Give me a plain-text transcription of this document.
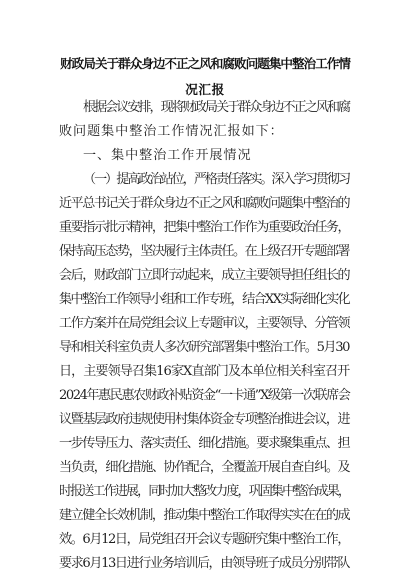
财政局关于群众身边不正之风和腐败问题集中整治工作情
况汇报
根据会议安排，现将财政局关于群众身边不正之风和腐
败问题集中整治工作情况汇报如下：
一、集中整治工作开展情况
（一）提高政治站位，严格责任落实。深入学习贯彻习
近平总书记关于群众身边不正之风和腐败问题集中整治的
重要指示批示精神，把集中整治工作作为重要政治任务，
保持高压态势，坚决履行主体责任。在上级召开专题部署
会后，财政部门立即行动起来，成立主要领导担任组长的
集中整治工作领导小组和工作专班，结合XX实际细化实化
工作方案并在局党组会议上专题审议，主要领导、分管领
导和相关科室负责人多次研究部署集中整治工作。5月30
日，主要领导召集16家X直部门及本单位相关科室召开
2024年惠民惠农财政补贴资金“一卡通”X级第一次联席会
议暨基层政府违规使用村集体资金专项整治推进会议，进
一步传导压力、落实责任、细化措施。要求聚集重点、担
当负责，细化措施、协作配合，全覆盖开展自查自纠。及
时报送工作进展，同时加大整改力度，巩固集中整治成果，
建立健全长效机制，推动集中整治工作取得实实在在的成
效。6月12日，局党组召开会议专题研究集中整治工作，
要求6月13日进行业务培训后，由领导班子成员分别带队
